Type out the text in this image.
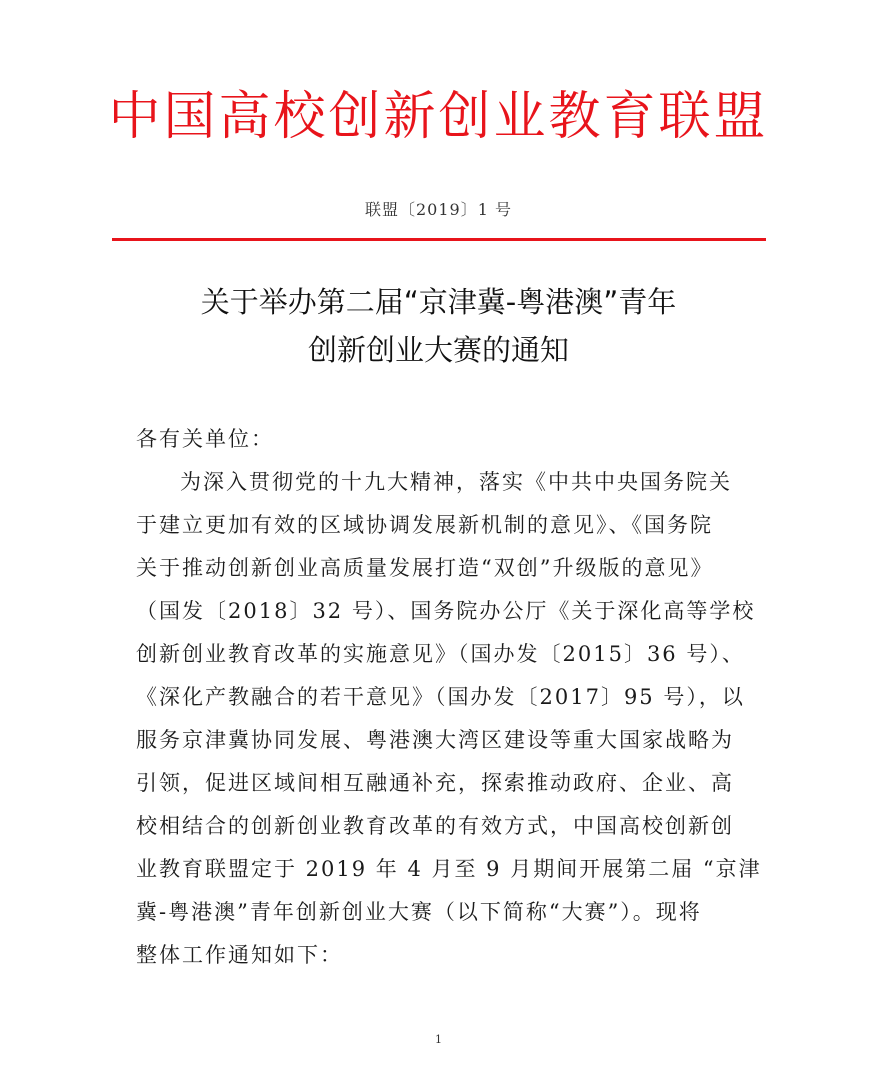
中国高校创新创业教育联盟
联盟〔2019〕1 号
关于举办第二届“京津冀-粤港澳”青年
创新创业大赛的通知
各有关单位：
为深入贯彻党的十九大精神，落实《中共中央国务院关
于建立更加有效的区域协调发展新机制的意见》、《国务院
关于推动创新创业高质量发展打造“双创”升级版的意见》
（国发〔2018〕32 号）、国务院办公厅《关于深化高等学校
创新创业教育改革的实施意见》（国办发〔2015〕36 号）、
《深化产教融合的若干意见》（国办发〔2017〕95 号），以
服务京津冀协同发展、粤港澳大湾区建设等重大国家战略为
引领，促进区域间相互融通补充，探索推动政府、企业、高
校相结合的创新创业教育改革的有效方式，中国高校创新创
业教育联盟定于 2019 年 4 月至 9 月期间开展第二届 “京津
冀-粤港澳”青年创新创业大赛（以下简称“大赛”）。现将
整体工作通知如下：
1
